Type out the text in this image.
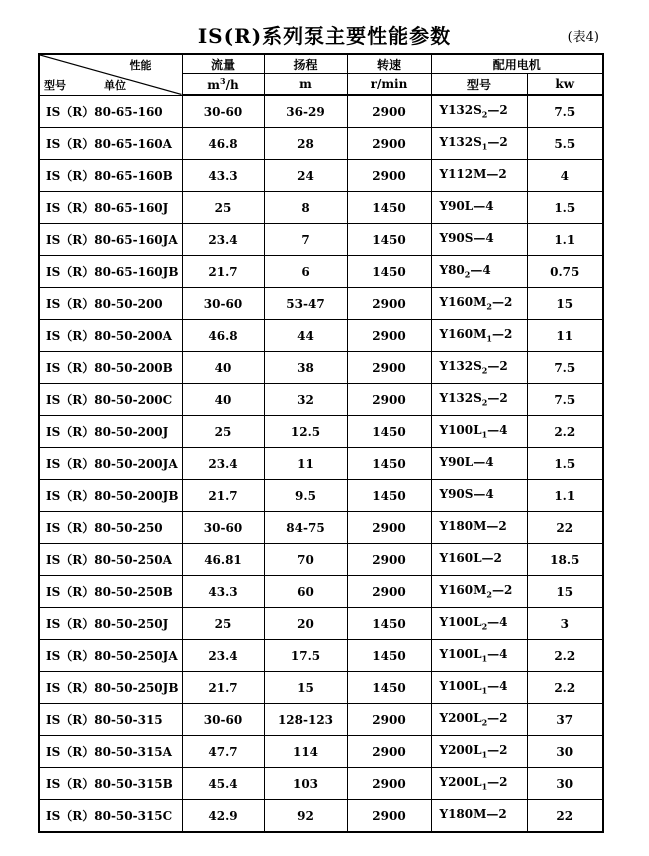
IS(R)系列泵主要性能参数	(表4)
性能
型号 单位	流量	扬程	转速	配用电机	
	$m^3/h$	m	r/min	型号	kw
IS（R）80-65-160	30-60	36-29	2900	$Y132S_2—2$	7.5
IS（R）80-65-160A	46.8	28	2900	$Y132S_1—2$	5.5
IS（R）80-65-160B	43.3	24	2900	Y112M—2	4
IS（R）80-65-160J	25	8	1450	Y90L—4	1.5
IS（R）80-65-160JA	23.4	7	1450	Y90S—4	1.1
IS（R）80-65-160JB	21.7	6	1450	$Y80_2—4$	0.75
IS（R）80-50-200	30-60	53-47	2900	$Y160M_2—2$	15
IS（R）80-50-200A	46.8	44	2900	$Y160M_1—2$	11
IS（R）80-50-200B	40	38	2900	$Y132S_2—2$	7.5
IS（R）80-50-200C	40	32	2900	$Y132S_2—2$	7.5
IS（R）80-50-200J	25	12.5	1450	$Y100L_1—4$	2.2
IS（R）80-50-200JA	23.4	11	1450	Y90L—4	1.5
IS（R）80-50-200JB	21.7	9.5	1450	Y90S—4	1.1
IS（R）80-50-250	30-60	84-75	2900	Y180M—2	22
IS（R）80-50-250A	46.81	70	2900	Y160L—2	18.5
IS（R）80-50-250B	43.3	60	2900	$Y160M_2—2$	15
IS（R）80-50-250J	25	20	1450	$Y100L_2—4$	3
IS（R）80-50-250JA	23.4	17.5	1450	$Y100L_1—4$	2.2
IS（R）80-50-250JB	21.7	15	1450	$Y100L_1—4$	2.2
IS（R）80-50-315	30-60	128-123	2900	$Y200L_2—2$	37
IS（R）80-50-315A	47.7	114	2900	$Y200L_1—2$	30
IS（R）80-50-315B	45.4	103	2900	$Y200L_1—2$	30
IS（R）80-50-315C	42.9	92	2900	Y180M—2	22
